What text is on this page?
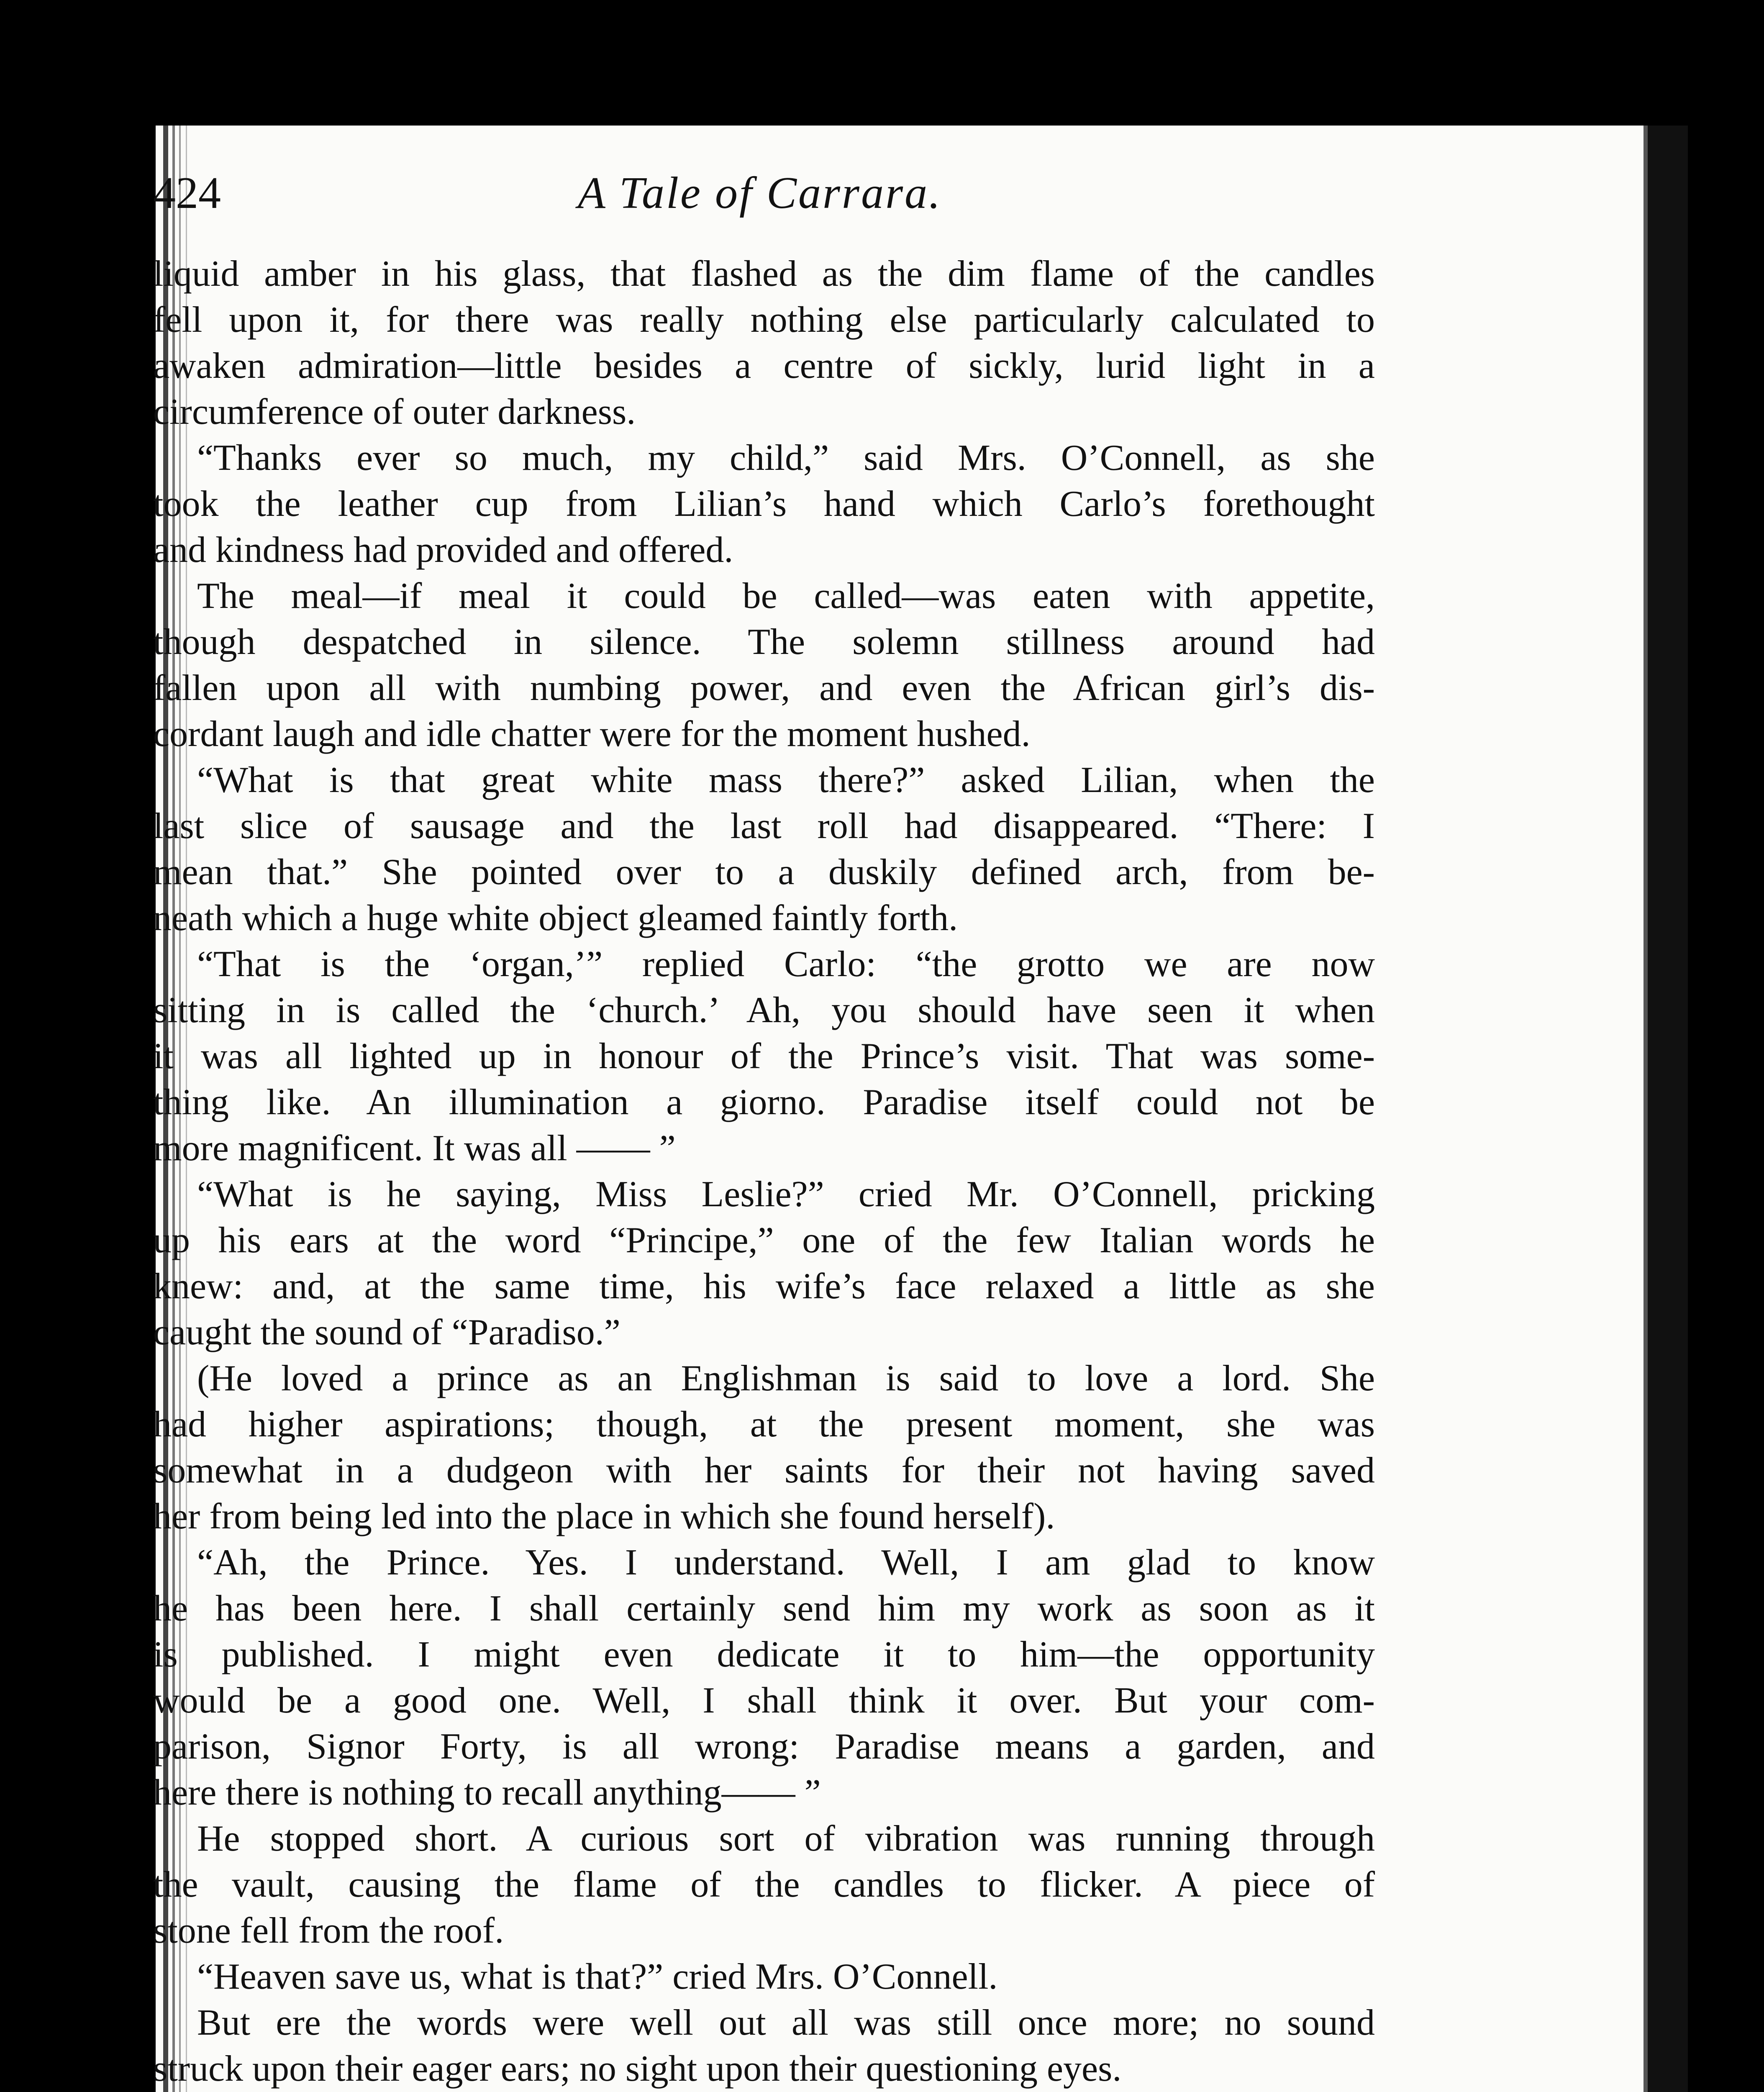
424	A Tale of Carrara.
liquid amber in his glass, that flashed as the dim flame of the candles
fell upon it, for there was really nothing else particularly calculated to
awaken admiration—little besides a centre of sickly, lurid light in a
circumference of outer darkness.
“Thanks ever so much, my child,” said Mrs. O’Connell, as she
took the leather cup from Lilian’s hand which Carlo’s forethought
and kindness had provided and offered.
The meal—if meal it could be called—was eaten with appetite,
though despatched in silence. The solemn stillness around had
fallen upon all with numbing power, and even the African girl’s dis-
cordant laugh and idle chatter were for the moment hushed.
“What is that great white mass there?” asked Lilian, when the
last slice of sausage and the last roll had disappeared. “There: I
mean that.” She pointed over to a duskily defined arch, from be-
neath which a huge white object gleamed faintly forth.
“That is the ‘organ,’” replied Carlo: “the grotto we are now
sitting in is called the ‘church.’ Ah, you should have seen it when
it was all lighted up in honour of the Prince’s visit. That was some-
thing like. An illumination a giorno. Paradise itself could not be
more magnificent. It was all —— ”
“What is he saying, Miss Leslie?” cried Mr. O’Connell, pricking
up his ears at the word “Principe,” one of the few Italian words he
knew: and, at the same time, his wife’s face relaxed a little as she
caught the sound of “Paradiso.”
(He loved a prince as an Englishman is said to love a lord. She
had higher aspirations; though, at the present moment, she was
somewhat in a dudgeon with her saints for their not having saved
her from being led into the place in which she found herself).
“Ah, the Prince. Yes. I understand. Well, I am glad to know
he has been here. I shall certainly send him my work as soon as it
is published. I might even dedicate it to him—the opportunity
would be a good one. Well, I shall think it over. But your com-
parison, Signor Forty, is all wrong: Paradise means a garden, and
here there is nothing to recall anything—— ”
He stopped short. A curious sort of vibration was running through
the vault, causing the flame of the candles to flicker. A piece of
stone fell from the roof.
“Heaven save us, what is that?” cried Mrs. O’Connell.
But ere the words were well out all was still once more; no sound
struck upon their eager ears; no sight upon their questioning eyes.
